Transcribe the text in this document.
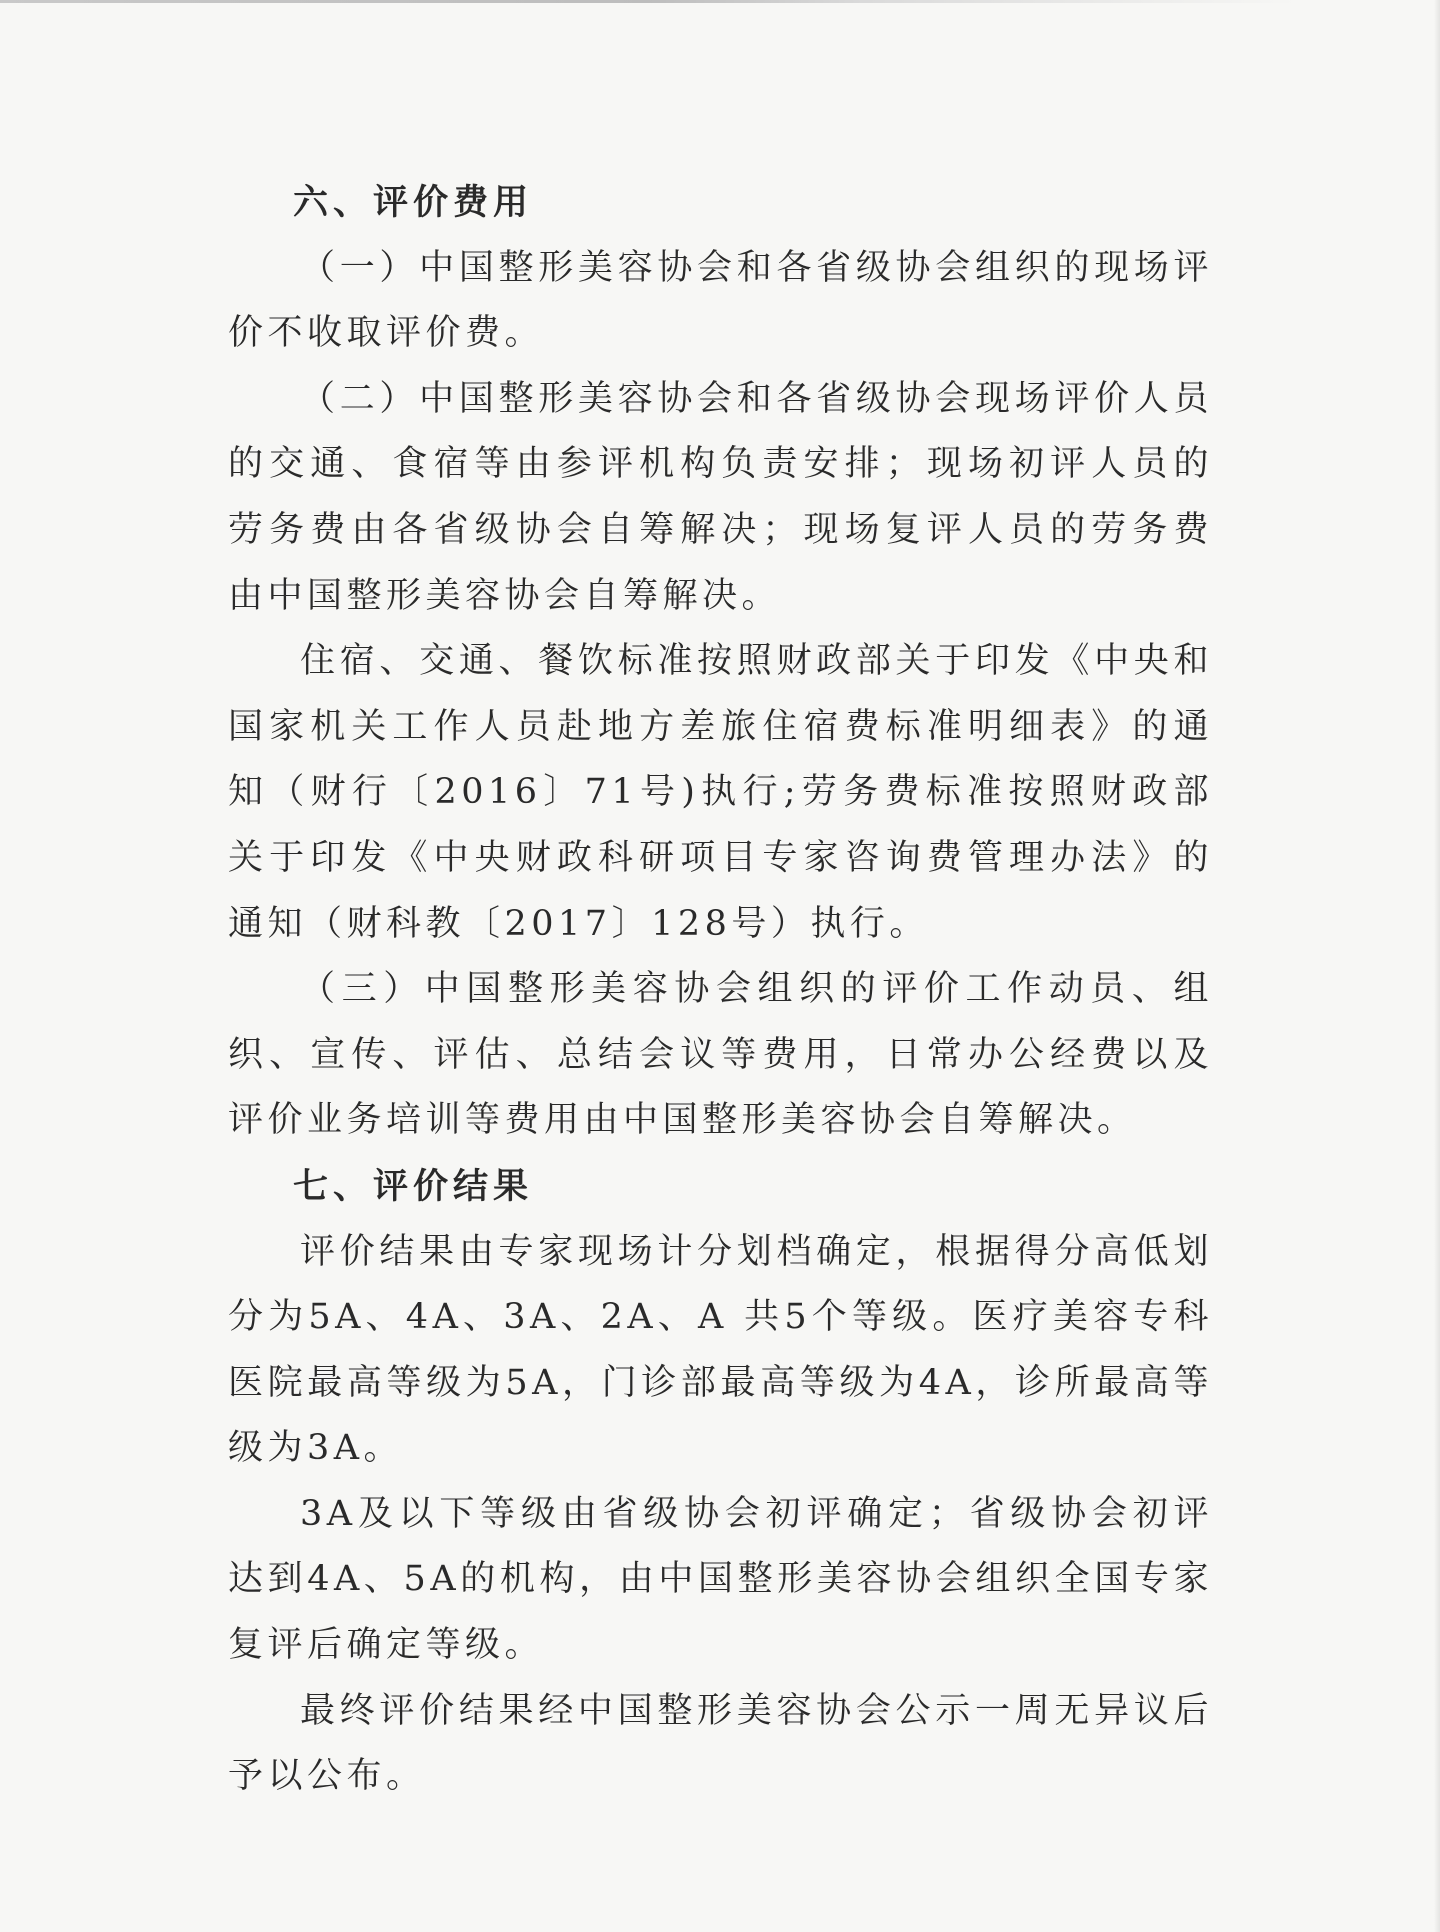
六、评价费用

（一）中国整形美容协会和各省级协会组织的现场评价不收取评价费。

（二）中国整形美容协会和各省级协会现场评价人员的交通、食宿等由参评机构负责安排；现场初评人员的劳务费由各省级协会自筹解决；现场复评人员的劳务费由中国整形美容协会自筹解决。

住宿、交通、餐饮标准按照财政部关于印发《中央和国家机关工作人员赴地方差旅住宿费标准明细表》的通知（财行〔2016〕71号)执行;劳务费标准按照财政部关于印发《中央财政科研项目专家咨询费管理办法》的通知（财科教〔2017〕128号）执行。

（三）中国整形美容协会组织的评价工作动员、组织、宣传、评估、总结会议等费用，日常办公经费以及评价业务培训等费用由中国整形美容协会自筹解决。

七、评价结果

评价结果由专家现场计分划档确定，根据得分高低划分为5A、4A、3A、2A、A 共5个等级。医疗美容专科医院最高等级为5A，门诊部最高等级为4A，诊所最高等级为3A。

3A及以下等级由省级协会初评确定；省级协会初评达到4A、5A的机构，由中国整形美容协会组织全国专家复评后确定等级。

最终评价结果经中国整形美容协会公示一周无异议后予以公布。
